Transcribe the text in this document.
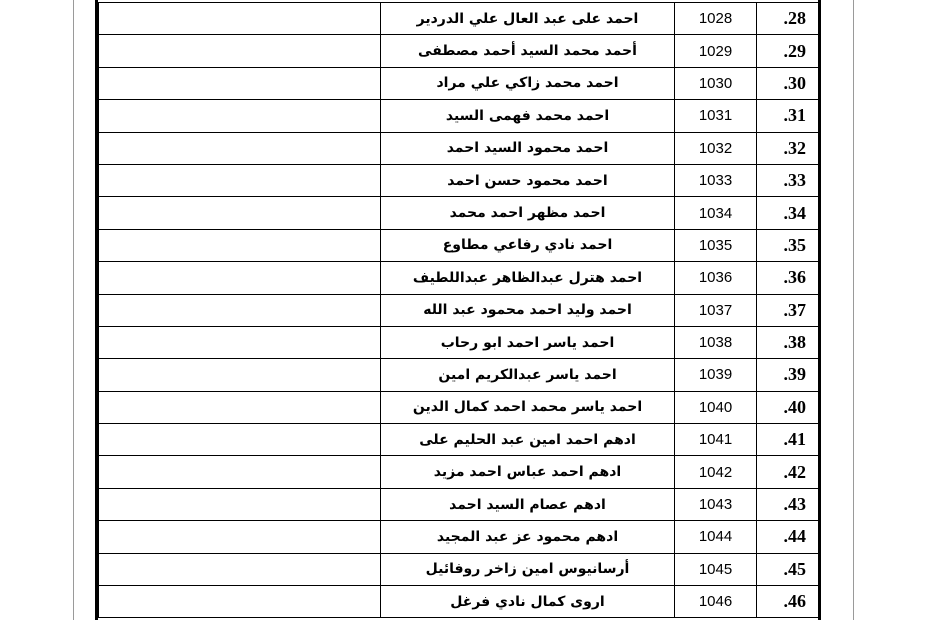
	احمد على عبد العال علي الدردير	1028	.28
	أحمد محمد السيد أحمد مصطفى	1029	.29
	احمد محمد زاكي علي مراد	1030	.30
	احمد محمد فهمى السيد	1031	.31
	احمد محمود السيد احمد	1032	.32
	احمد محمود حسن احمد	1033	.33
	احمد مظهر احمد محمد	1034	.34
	احمد نادي رفاعي مطاوع	1035	.35
	احمد هترل عبدالظاهر عبداللطيف	1036	.36
	احمد وليد احمد محمود عبد الله	1037	.37
	احمد ياسر احمد ابو رحاب	1038	.38
	احمد ياسر عبدالكريم امين	1039	.39
	احمد ياسر محمد احمد كمال الدين	1040	.40
	ادهم احمد امين عبد الحليم على	1041	.41
	ادهم احمد عباس احمد مزيد	1042	.42
	ادهم عصام السيد احمد	1043	.43
	ادهم محمود عز عبد المجيد	1044	.44
	أرسانيوس امين زاخر روفائيل	1045	.45
	اروى كمال نادي فرغل	1046	.46
